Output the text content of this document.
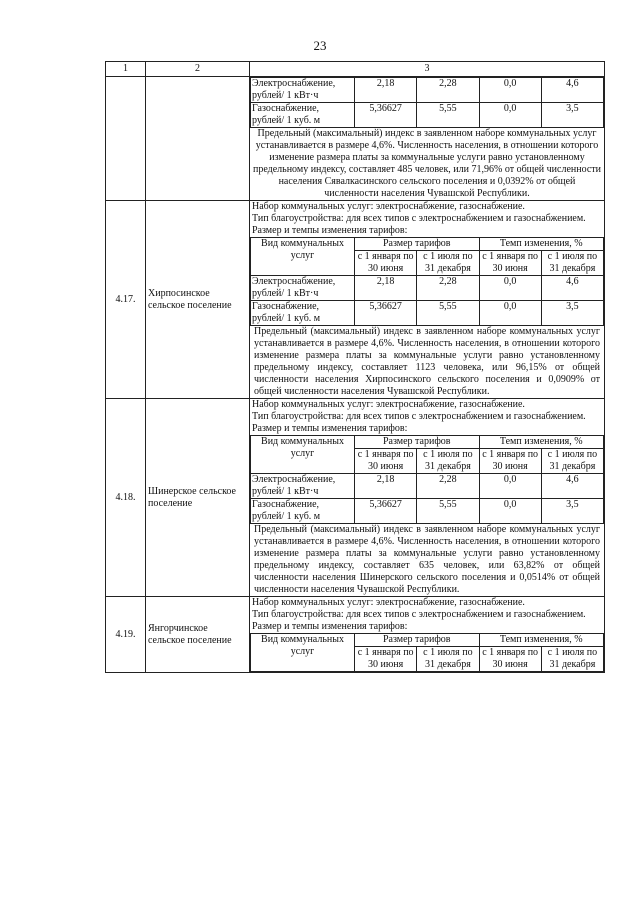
23
1	2	3

Электроснабжение, рублей/ 1 кВт·ч	2,18	2,28	0,0	4,6
Газоснабжение, рублей/ 1 куб. м	5,36627	5,55	0,0	3,5
Предельный (максимальный) индекс в заявленном наборе коммунальных услуг устанавливается в размере 4,6%. Численность населения, в отношении которого изменение размера платы за коммунальные услуги равно установленному предельному индексу, составляет 485 человек, или 71,96% от общей численности населения Сявалкасинского сельского поселения и 0,0392% от общей численности населения Чувашской Республики.

4.17.	Хирпосинское сельское поселение	
Набор коммунальных услуг: электроснабжение, газоснабжение.
Тип благоустройства: для всех типов с электроснабжением и газоснабжением.
Размер и темпы изменения тарифов:
Вид коммунальных услуг	Размер тарифов	Темп изменения, %
с 1 января по 30 июня	с 1 июля по 31 декабря	с 1 января по 30 июня	с 1 июля по 31 декабря
Электроснабжение, рублей/ 1 кВт·ч	2,18	2,28	0,0	4,6
Газоснабжение, рублей/ 1 куб. м	5,36627	5,55	0,0	3,5
Предельный (максимальный) индекс в заявленном наборе коммунальных услуг устанавливается в размере 4,6%. Численность населения, в отношении которого изменение размера платы за коммунальные услуги равно установленному предельному индексу, составляет 1123 человека, или 96,15% от общей численности населения Хирпосинского сельского поселения и 0,0909% от общей численности населения Чувашской Республики.

4.18.	Шинерское сельское поселение	
Набор коммунальных услуг: электроснабжение, газоснабжение.
Тип благоустройства: для всех типов с электроснабжением и газоснабжением.
Размер и темпы изменения тарифов:
Вид коммунальных услуг	Размер тарифов	Темп изменения, %
с 1 января по 30 июня	с 1 июля по 31 декабря	с 1 января по 30 июня	с 1 июля по 31 декабря
Электроснабжение, рублей/ 1 кВт·ч	2,18	2,28	0,0	4,6
Газоснабжение, рублей/ 1 куб. м	5,36627	5,55	0,0	3,5
Предельный (максимальный) индекс в заявленном наборе коммунальных услуг устанавливается в размере 4,6%. Численность населения, в отношении которого изменение размера платы за коммунальные услуги равно установленному предельному индексу, составляет 635 человек, или 63,82% от общей численности населения Шинерского сельского поселения и 0,0514% от общей численности населения Чувашской Республики.

4.19.	Янгорчинское сельское поселение	
Набор коммунальных услуг: электроснабжение, газоснабжение.
Тип благоустройства: для всех типов с электроснабжением и газоснабжением.
Размер и темпы изменения тарифов:
Вид коммунальных услуг	Размер тарифов	Темп изменения, %
с 1 января по 30 июня	с 1 июля по 31 декабря	с 1 января по 30 июня	с 1 июля по 31 декабря
